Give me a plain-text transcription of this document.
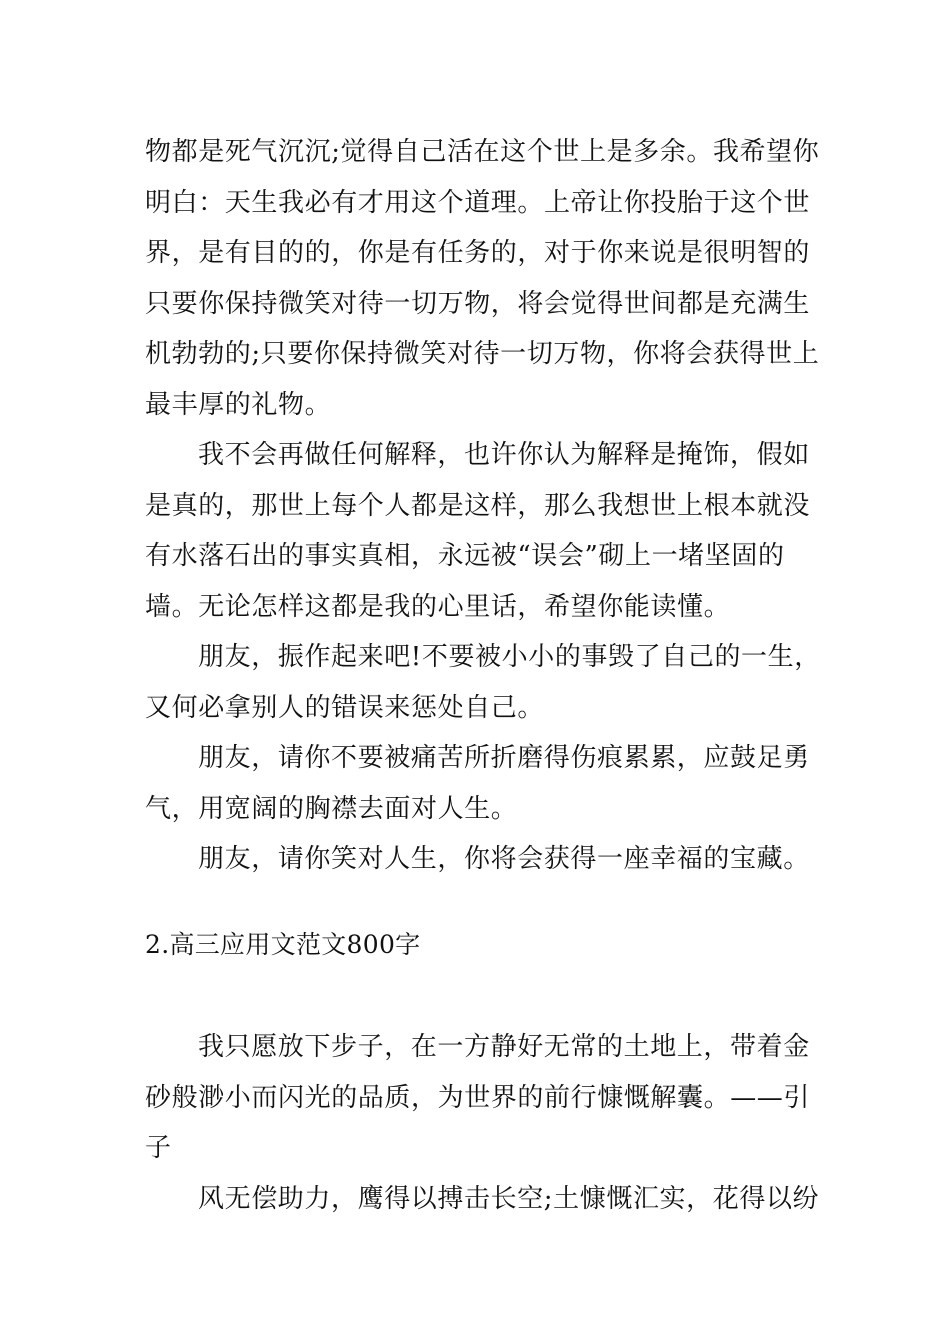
物都是死气沉沉;觉得自己活在这个世上是多余。我希望你
明白：天生我必有才用这个道理。上帝让你投胎于这个世
界，是有目的的，你是有任务的，对于你来说是很明智的
只要你保持微笑对待一切万物，将会觉得世间都是充满生
机勃勃的;只要你保持微笑对待一切万物，你将会获得世上
最丰厚的礼物。
我不会再做任何解释，也许你认为解释是掩饰，假如
是真的，那世上每个人都是这样，那么我想世上根本就没
有水落石出的事实真相，永远被“误会”砌上一堵坚固的
墙。无论怎样这都是我的心里话，希望你能读懂。
朋友，振作起来吧!不要被小小的事毁了自己的一生，
又何必拿别人的错误来惩处自己。
朋友，请你不要被痛苦所折磨得伤痕累累，应鼓足勇
气，用宽阔的胸襟去面对人生。
朋友，请你笑对人生，你将会获得一座幸福的宝藏。
2.高三应用文范文800字
我只愿放下步子，在一方静好无常的土地上，带着金
砂般渺小而闪光的品质，为世界的前行慷慨解囊。——引
子
风无偿助力，鹰得以搏击长空;土慷慨汇实，花得以纷
